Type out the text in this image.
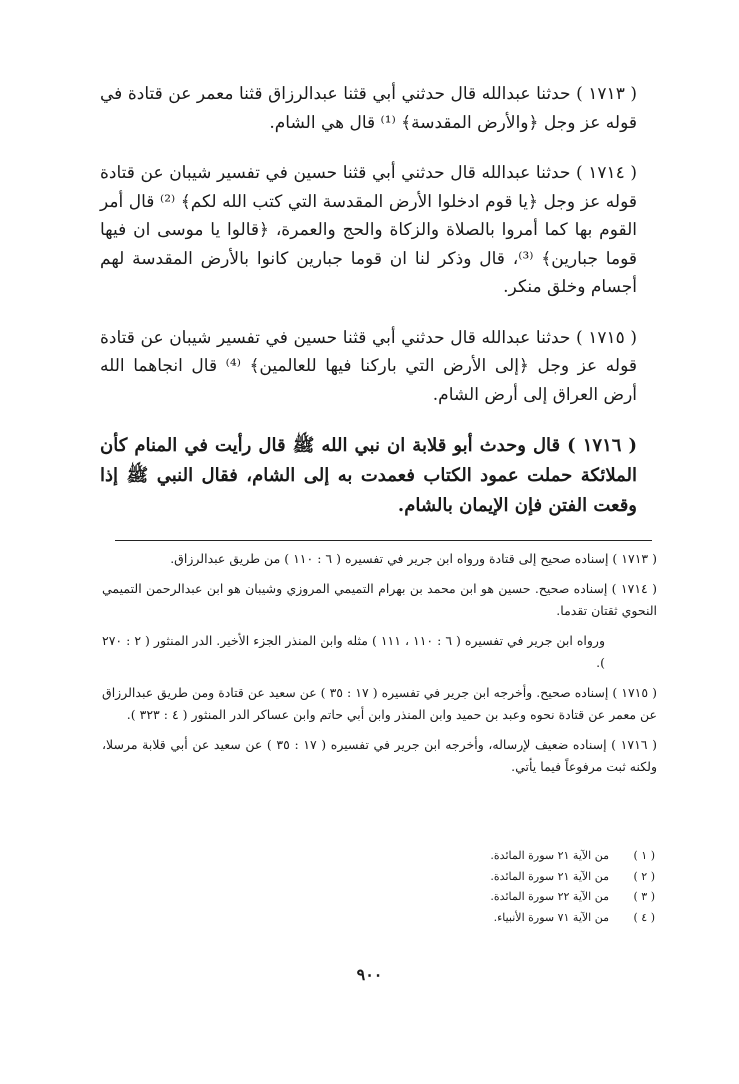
( ١٧١٣ ) حدثنا عبدالله قال حدثني أبي قثنا عبدالرزاق قثنا معمر عن قتادة في قوله عز وجل ﴿والأرض المقدسة﴾ ⁽¹⁾ قال هي الشام.

( ١٧١٤ ) حدثنا عبدالله قال حدثني أبي قثنا حسين في تفسير شيبان عن قتادة قوله عز وجل ﴿يا قوم ادخلوا الأرض المقدسة التي كتب الله لكم﴾ ⁽²⁾ قال أمر القوم بها كما أمروا بالصلاة والزكاة والحج والعمرة، ﴿قالوا يا موسى ان فيها قوما جبارين﴾ ⁽³⁾، قال وذكر لنا ان قوما جبارين كانوا بالأرض المقدسة لهم أجسام وخلق منكر.

( ١٧١٥ ) حدثنا عبدالله قال حدثني أبي قثنا حسين في تفسير شيبان عن قتادة قوله عز وجل ﴿إلى الأرض التي باركنا فيها للعالمين﴾ ⁽⁴⁾ قال انجاهما الله أرض العراق إلى أرض الشام.

( ١٧١٦ ) قال وحدث أبو قلابة ان نبي الله ﷺ قال رأيت في المنام كأن الملائكة حملت عمود الكتاب فعمدت به إلى الشام، فقال النبي ﷺ إذا وقعت الفتن فإن الإيمان بالشام.

( ١٧١٣ ) إسناده صحيح إلى قتادة ورواه ابن جرير في تفسيره ( ٦ : ١١٠ ) من طريق عبدالرزاق.

( ١٧١٤ ) إسناده صحيح. حسين هو ابن محمد بن بهرام التميمي المروزي وشيبان هو ابن عبدالرحمن التميمي النحوي ثقتان تقدما.

ورواه ابن جرير في تفسيره ( ٦ : ١١٠ ، ١١١ ) مثله وابن المنذر الجزء الأخير. الدر المنثور ( ٢ : ٢٧٠ ).

( ١٧١٥ ) إسناده صحيح. وأخرجه ابن جرير في تفسيره ( ١٧ : ٣٥ ) عن سعيد عن قتادة ومن طريق عبدالرزاق عن معمر عن قتادة نحوه وعبد بن حميد وابن المنذر وابن أبي حاتم وابن عساكر الدر المنثور ( ٤ : ٣٢٣ ).

( ١٧١٦ ) إسناده ضعيف لإرساله، وأخرجه ابن جرير في تفسيره ( ١٧ : ٣٥ ) عن سعيد عن أبي قلابة مرسلا، ولكنه ثبت مرفوعاً فيما يأتي.

( ١ )
من الآية ٢١ سورة المائدة.
( ٢ )
من الآية ٢١ سورة المائدة.
( ٣ )
من الآية ٢٢ سورة المائدة.
( ٤ )
من الآية ٧١ سورة الأنبياء.
٩٠٠
